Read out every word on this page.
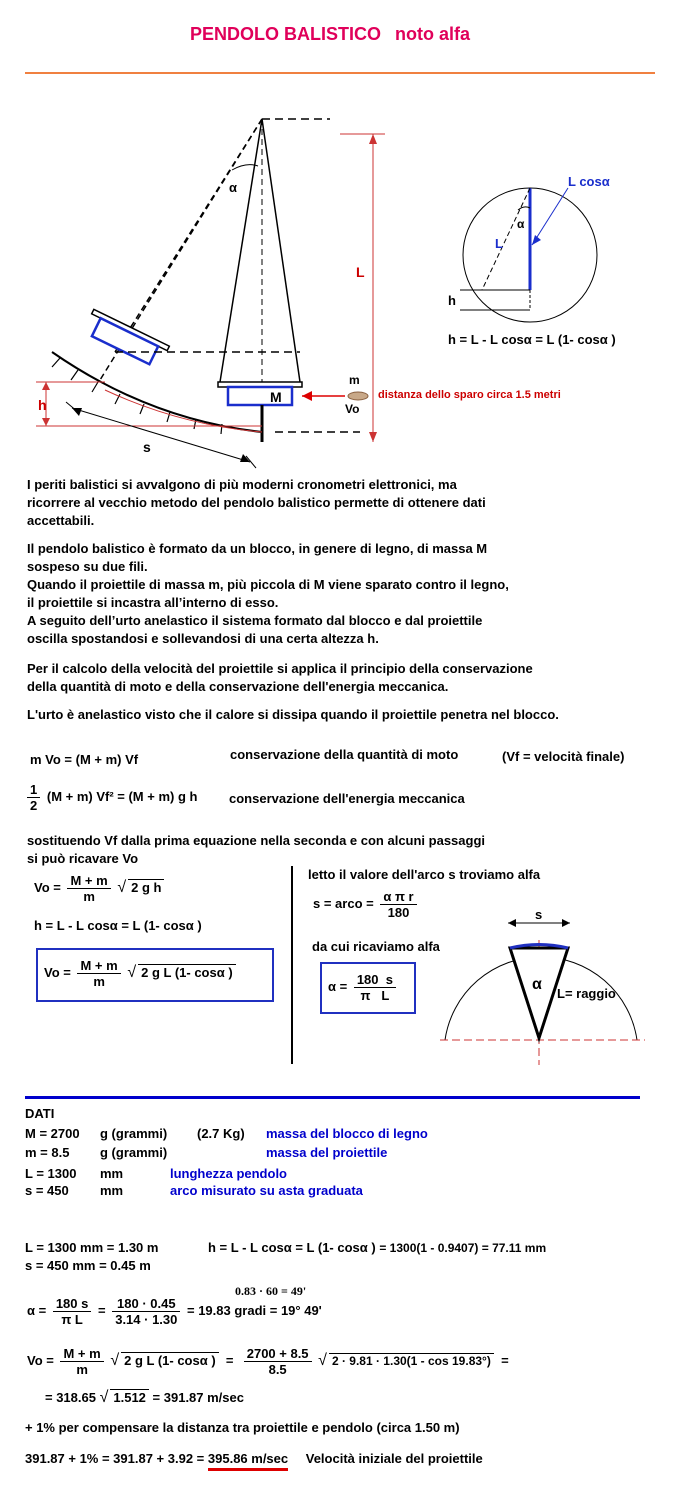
PENDOLO BALISTICO noto alfa
α
L
h
s
M
m
Vo
distanza dello sparo circa 1.5 metri
L cosα
α
L
h
h = L - L cosα = L (1- cosα )
I periti balistici si avvalgono di più moderni cronometri elettronici, ma
ricorrere al vecchio metodo del pendolo balistico permette di ottenere dati
accettabili.
Il pendolo balistico è formato da un blocco, in genere di legno, di massa M
sospeso su due fili.
Quando il proiettile di massa m, più piccola di M viene sparato contro il legno,
il proiettile si incastra all’interno di esso.
A seguito dell’urto anelastico il sistema formato dal blocco e dal proiettile
oscilla spostandosi e sollevandosi di una certa altezza h.
Per il calcolo della velocità del proiettile si applica il principio della conservazione
della quantità di moto e della conservazione dell'energia meccanica.
L'urto è anelastico visto che il calore si dissipa quando il proiettile penetra nel blocco.
m Vo = (M + m) Vf	conservazione della quantità di moto	(Vf = velocità finale)
$\frac{1}{2} (M + m) Vf^2 = (M + m)$ g h conservazione dell'energia meccanica
sostituendo Vf dalla prima equazione nella seconda e con alcuni passaggi
si può ricavare Vo
$Vo = \frac{M + m}{m}$ √ 2 g h
h = L - L cosα = L (1- cosα )
$Vo = \frac{M + m}{m}$ √ 2 g L (1- cosα )
letto il valore dell'arco s troviamo alfa
s = arco = $\frac{\text{α π r}}{180}$
da cui ricaviamo alfa
$\alpha = \frac{180 s}{\text{π L}}$
s
α
L= raggio
DATI
M = 2700 g (grammi) (2.7 Kg) massa del blocco di legno
m = 8.5 g (grammi)	massa del proiettile
L = 1300 mm	lunghezza pendolo
s = 450 mm	arco misurato su asta graduata
L = 1300 mm = 1.30 m
s = 450 mm = 0.45 m
h = L - L cosα = L (1- cosα ) = 1300(1 - 0.9407) = 77.11 mm
0.83 · 60 = 49'
$\alpha = \frac{180 s}{\text{π L}} = \frac{180 \cdot 0.45}{3.14 \cdot 1.30} = 19.83$ gradi = 19° 49'
$Vo = \frac{M + m}{m}$ √ 2 g L (1- cosα )  = $\frac{2700 + 8.5}{8.5}$ √ 2 · 9.81 · 1.30(1 - cos 19.83°)  =
= 318.65 √ 1.512 = 391.87 m/sec
+ 1% per compensare la distanza tra proiettile e pendolo (circa 1.50 m)
391.87 + 1% = 391.87 + 3.92 = 395.86 m/sec Velocità iniziale del proiettile
